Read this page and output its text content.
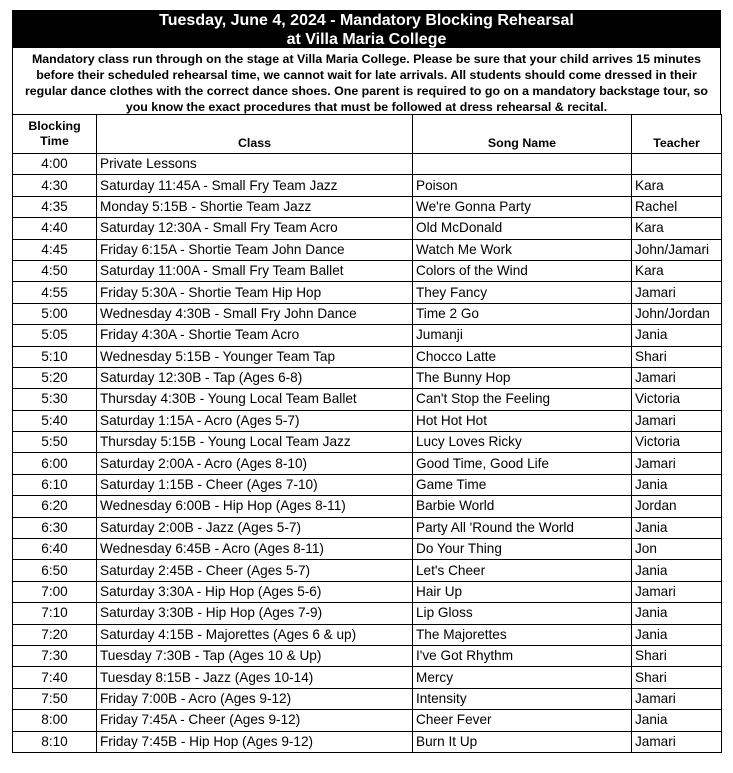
Tuesday, June 4, 2024 - Mandatory Blocking Rehearsal
at Villa Maria College
Mandatory class run through on the stage at Villa Maria College. Please be sure that your child arrives 15 minutes before their scheduled rehearsal time, we cannot wait for late arrivals. All students should come dressed in their regular dance clothes with the correct dance shoes. One parent is required to go on a mandatory backstage tour, so you know the exact procedures that must be followed at dress rehearsal & recital.
Blocking
Time	Class	Song Name	Teacher
4:00	Private Lessons		
4:30	Saturday 11:45A - Small Fry Team Jazz	Poison	Kara
4:35	Monday 5:15B - Shortie Team Jazz	We're Gonna Party	Rachel
4:40	Saturday 12:30A - Small Fry Team Acro	Old McDonald	Kara
4:45	Friday 6:15A - Shortie Team John Dance	Watch Me Work	John/Jamari
4:50	Saturday 11:00A - Small Fry Team Ballet	Colors of the Wind	Kara
4:55	Friday 5:30A - Shortie Team Hip Hop	They Fancy	Jamari
5:00	Wednesday 4:30B - Small Fry John Dance	Time 2 Go	John/Jordan
5:05	Friday 4:30A - Shortie Team Acro	Jumanji	Jania
5:10	Wednesday 5:15B - Younger Team Tap	Chocco Latte	Shari
5:20	Saturday 12:30B - Tap (Ages 6-8)	The Bunny Hop	Jamari
5:30	Thursday 4:30B - Young Local Team Ballet	Can't Stop the Feeling	Victoria
5:40	Saturday 1:15A - Acro (Ages 5-7)	Hot Hot Hot	Jamari
5:50	Thursday 5:15B - Young Local Team Jazz	Lucy Loves Ricky	Victoria
6:00	Saturday 2:00A - Acro (Ages 8-10)	Good Time, Good Life	Jamari
6:10	Saturday 1:15B - Cheer (Ages 7-10)	Game Time	Jania
6:20	Wednesday 6:00B - Hip Hop (Ages 8-11)	Barbie World	Jordan
6:30	Saturday 2:00B - Jazz (Ages 5-7)	Party All 'Round the World	Jania
6:40	Wednesday 6:45B - Acro (Ages 8-11)	Do Your Thing	Jon
6:50	Saturday 2:45B - Cheer (Ages 5-7)	Let's Cheer	Jania
7:00	Saturday 3:30A - Hip Hop (Ages 5-6)	Hair Up	Jamari
7:10	Saturday 3:30B - Hip Hop (Ages 7-9)	Lip Gloss	Jania
7:20	Saturday 4:15B - Majorettes (Ages 6 & up)	The Majorettes	Jania
7:30	Tuesday 7:30B - Tap (Ages 10 & Up)	I've Got Rhythm	Shari
7:40	Tuesday 8:15B - Jazz (Ages 10-14)	Mercy	Shari
7:50	Friday 7:00B - Acro (Ages 9-12)	Intensity	Jamari
8:00	Friday 7:45A - Cheer (Ages 9-12)	Cheer Fever	Jania
8:10	Friday 7:45B - Hip Hop (Ages 9-12)	Burn It Up	Jamari
